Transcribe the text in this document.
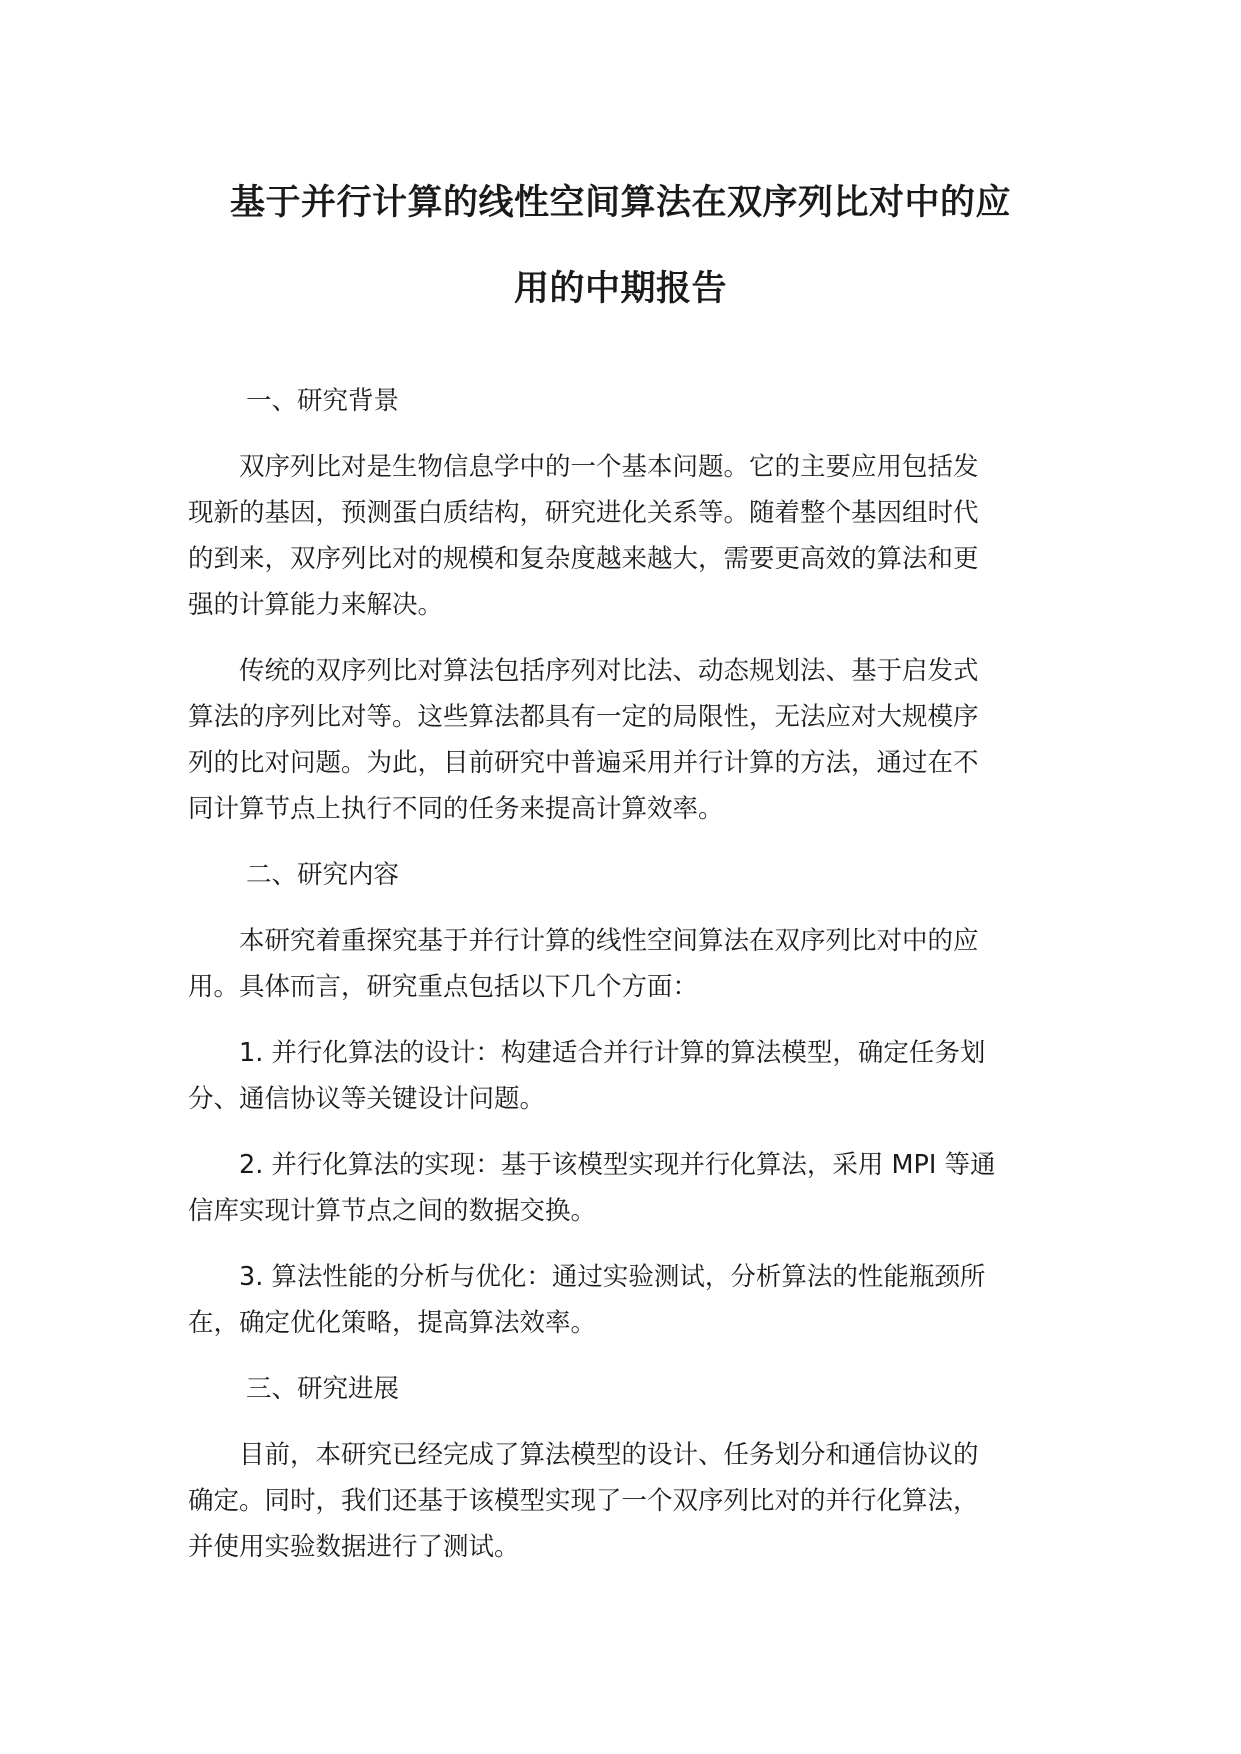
基于并行计算的线性空间算法在双序列比对中的应
用的中期报告
一、研究背景
　　双序列比对是生物信息学中的一个基本问题。它的主要应用包括发
现新的基因，预测蛋白质结构，研究进化关系等。随着整个基因组时代
的到来，双序列比对的规模和复杂度越来越大，需要更高效的算法和更
强的计算能力来解决。
　　传统的双序列比对算法包括序列对比法、动态规划法、基于启发式
算法的序列比对等。这些算法都具有一定的局限性，无法应对大规模序
列的比对问题。为此，目前研究中普遍采用并行计算的方法，通过在不
同计算节点上执行不同的任务来提高计算效率。
二、研究内容
　　本研究着重探究基于并行计算的线性空间算法在双序列比对中的应
用。具体而言，研究重点包括以下几个方面：
　　1. 并行化算法的设计：构建适合并行计算的算法模型，确定任务划
分、通信协议等关键设计问题。
　　2. 并行化算法的实现：基于该模型实现并行化算法，采用 MPI 等通
信库实现计算节点之间的数据交换。
　　3. 算法性能的分析与优化：通过实验测试，分析算法的性能瓶颈所
在，确定优化策略，提高算法效率。
三、研究进展
　　目前，本研究已经完成了算法模型的设计、任务划分和通信协议的
确定。同时，我们还基于该模型实现了一个双序列比对的并行化算法，
并使用实验数据进行了测试。
